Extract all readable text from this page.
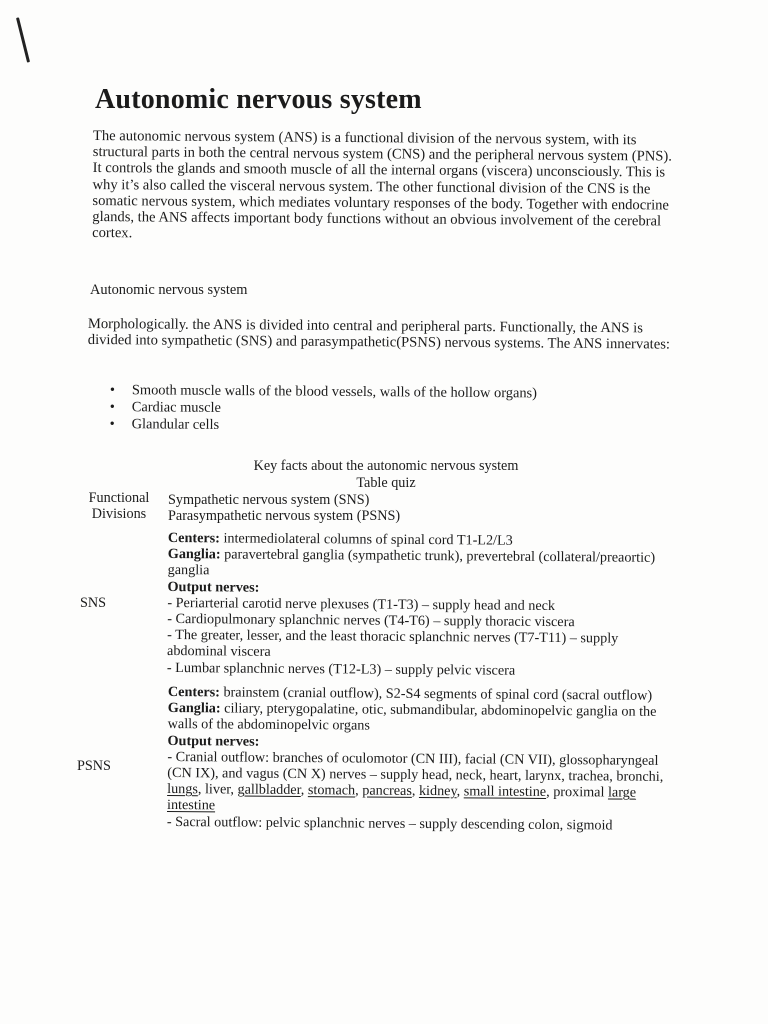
Autonomic nervous system
The autonomic nervous system (ANS) is a functional division of the nervous system, with its structural parts in both the central nervous system (CNS) and the peripheral nervous system (PNS). It controls the glands and smooth muscle of all the internal organs (viscera) unconsciously. This is why it’s also called the visceral nervous system. The other functional division of the CNS is the somatic nervous system, which mediates voluntary responses of the body. Together with endocrine glands, the ANS affects important body functions without an obvious involvement of the cerebral cortex.
Autonomic nervous system
Morphologically. the ANS is divided into central and peripheral parts. Functionally, the ANS is divided into sympathetic (SNS) and parasympathetic(PSNS) nervous systems. The ANS innervates:
• Smooth muscle walls of the blood vessels, walls of the hollow organs)
• Cardiac muscle
• Glandular cells
Key facts about the autonomic nervous system
Table quiz
Functional
Divisions
Sympathetic nervous system (SNS)
Parasympathetic nervous system (PSNS)
SNS
Centers: intermediolateral columns of spinal cord T1-L2/L3
Ganglia: paravertebral ganglia (sympathetic trunk), prevertebral (collateral/preaortic) ganglia
Output nerves:
- Periarterial carotid nerve plexuses (T1-T3) – supply head and neck
- Cardiopulmonary splanchnic nerves (T4-T6) – supply thoracic viscera
- The greater, lesser, and the least thoracic splanchnic nerves (T7-T11) – supply abdominal viscera
- Lumbar splanchnic nerves (T12-L3) – supply pelvic viscera
PSNS
Centers: brainstem (cranial outflow), S2-S4 segments of spinal cord (sacral outflow)
Ganglia: ciliary, pterygopalatine, otic, submandibular, abdominopelvic ganglia on the walls of the abdominopelvic organs
Output nerves:
- Cranial outflow: branches of oculomotor (CN III), facial (CN VII), glossopharyngeal (CN IX), and vagus (CN X) nerves – supply head, neck, heart, larynx, trachea, bronchi, lungs, liver, gallbladder, stomach, pancreas, kidney, small intestine, proximal large intestine
- Sacral outflow: pelvic splanchnic nerves – supply descending colon, sigmoid
